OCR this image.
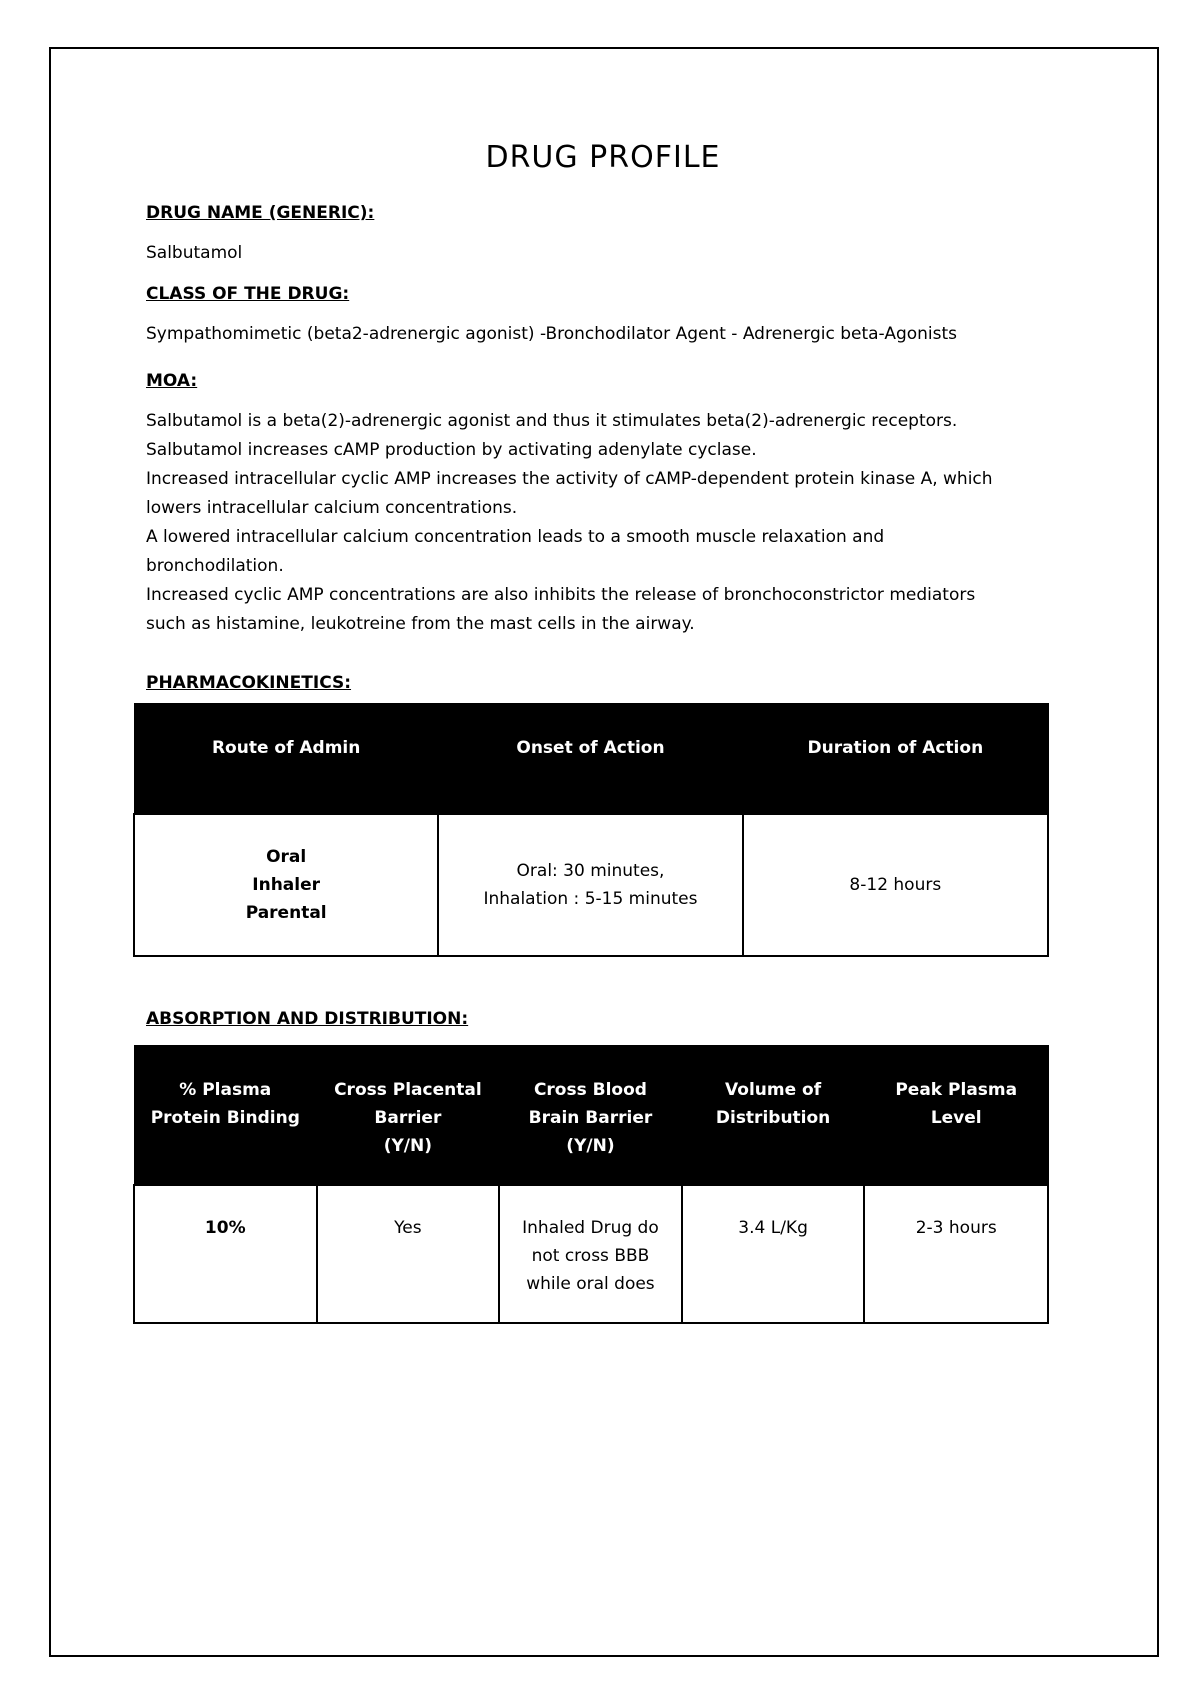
DRUG PROFILE

DRUG NAME (GENERIC):

Salbutamol

CLASS OF THE DRUG:

Sympathomimetic (beta2-adrenergic agonist) -Bronchodilator Agent - Adrenergic beta-Agonists

MOA:

Salbutamol is a beta(2)-adrenergic agonist and thus it stimulates beta(2)-adrenergic receptors.
Salbutamol increases cAMP production by activating adenylate cyclase.
Increased intracellular cyclic AMP increases the activity of cAMP-dependent protein kinase A, which
lowers intracellular calcium concentrations.
A lowered intracellular calcium concentration leads to a smooth muscle relaxation and
bronchodilation.
Increased cyclic AMP concentrations are also inhibits the release of bronchoconstrictor mediators
such as histamine, leukotreine from the mast cells in the airway.

PHARMACOKINETICS:

Route of Admin	Onset of Action	Duration of Action

Oral
Inhaler
Parental	Oral: 30 minutes,
Inhalation : 5-15 minutes	8-12 hours

ABSORPTION AND DISTRIBUTION:

% Plasma
Protein Binding	Cross Placental
Barrier
(Y/N)	Cross Blood
Brain Barrier
(Y/N)	Volume of
Distribution	Peak Plasma
Level

10%	Yes	Inhaled Drug do
not cross BBB
while oral does	3.4 L/Kg	2-3 hours
